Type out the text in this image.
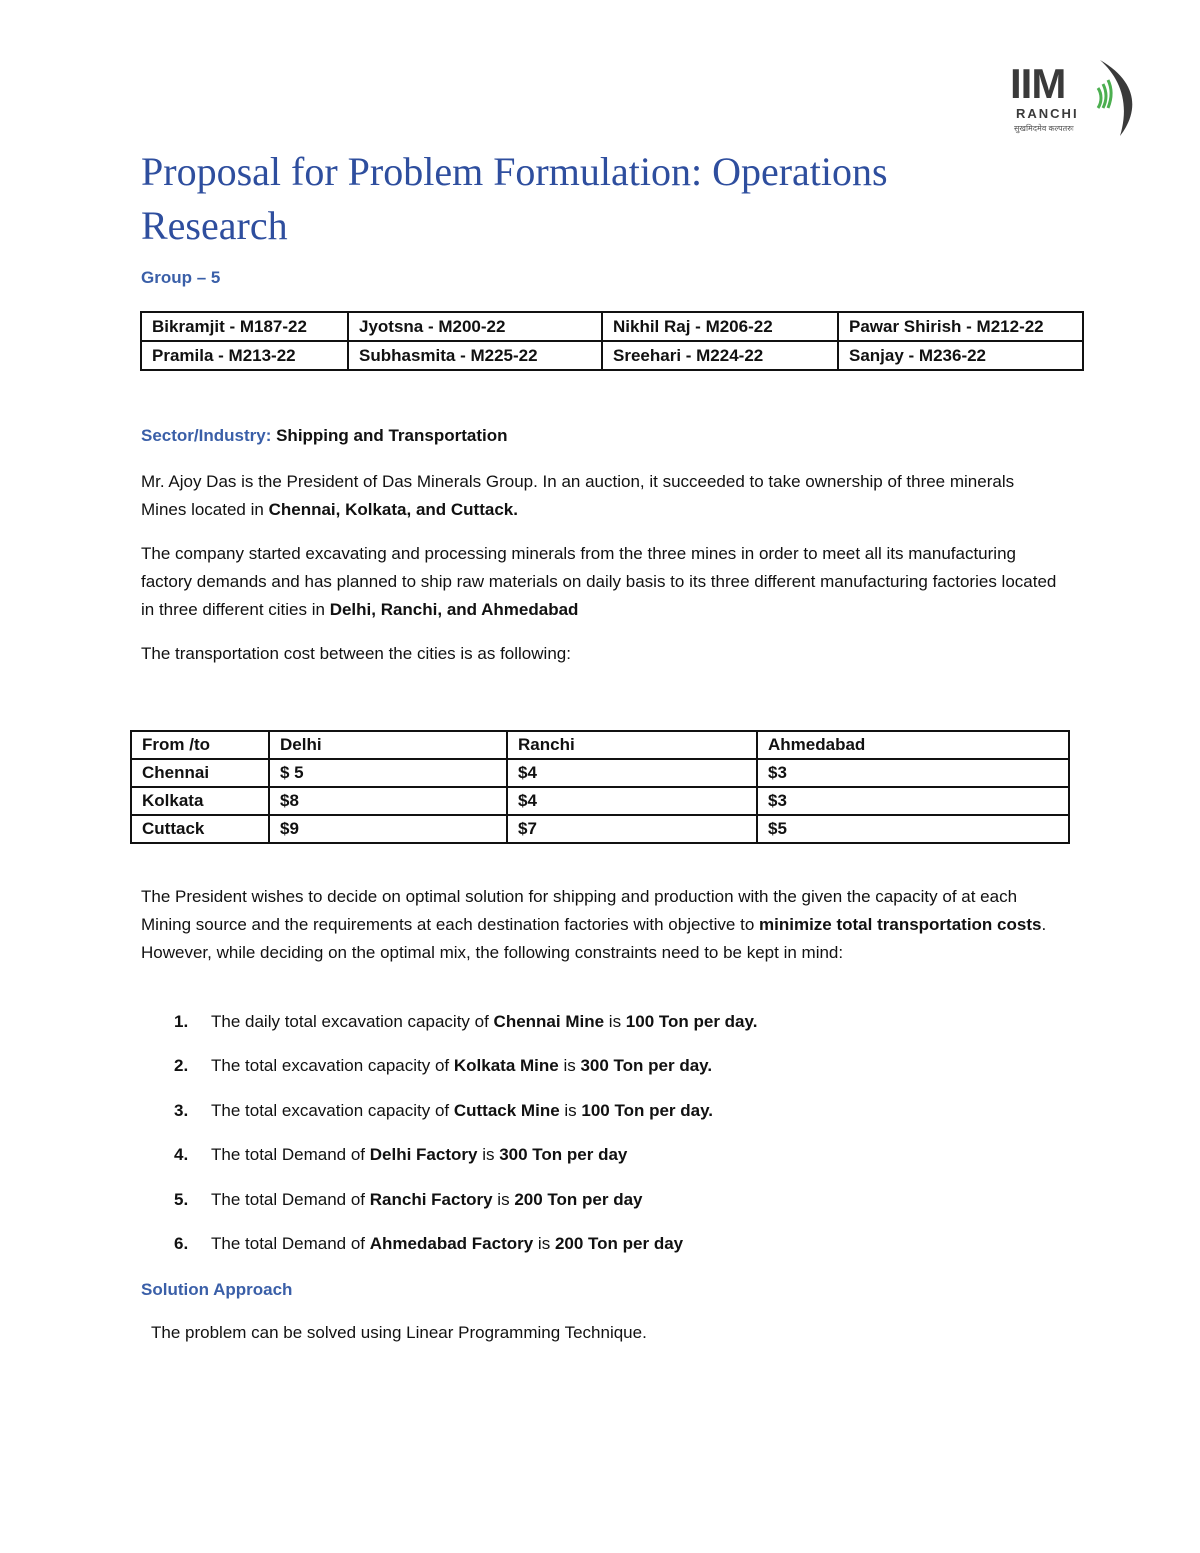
IIM
RANCHI
सुखमिदमेव कल्पतरुः
Proposal for Problem Formulation: Operations Research
Group – 5
Bikramjit - M187-22	Jyotsna - M200-22	Nikhil Raj - M206-22	Pawar Shirish - M212-22
Pramila - M213-22	Subhasmita - M225-22	Sreehari - M224-22	Sanjay - M236-22
Sector/Industry: Shipping and Transportation

Mr. Ajoy Das is the President of Das Minerals Group. In an auction, it succeeded to take ownership of three minerals Mines located in Chennai, Kolkata, and Cuttack.

The company started excavating and processing minerals from the three mines in order to meet all its manufacturing factory demands and has planned to ship raw materials on daily basis to its three different manufacturing factories located in three different cities in Delhi, Ranchi, and Ahmedabad

The transportation cost between the cities is as following:

From /to	Delhi	Ranchi	Ahmedabad
Chennai	$ 5	$4	$3
Kolkata	$8	$4	$3
Cuttack	$9	$7	$5

The President wishes to decide on optimal solution for shipping and production with the given the capacity of at each Mining source and the requirements at each destination factories with objective to minimize total transportation costs. However, while deciding on the optimal mix, the following constraints need to be kept in mind:

1.	The daily total excavation capacity of Chennai Mine is 100 Ton per day.
2.	The total excavation capacity of Kolkata Mine is 300 Ton per day.
3.	The total excavation capacity of Cuttack Mine is 100 Ton per day.
4.	The total Demand of Delhi Factory is 300 Ton per day
5.	The total Demand of Ranchi Factory is 200 Ton per day
6.	The total Demand of Ahmedabad Factory is 200 Ton per day
Solution Approach
The problem can be solved using Linear Programming Technique.
